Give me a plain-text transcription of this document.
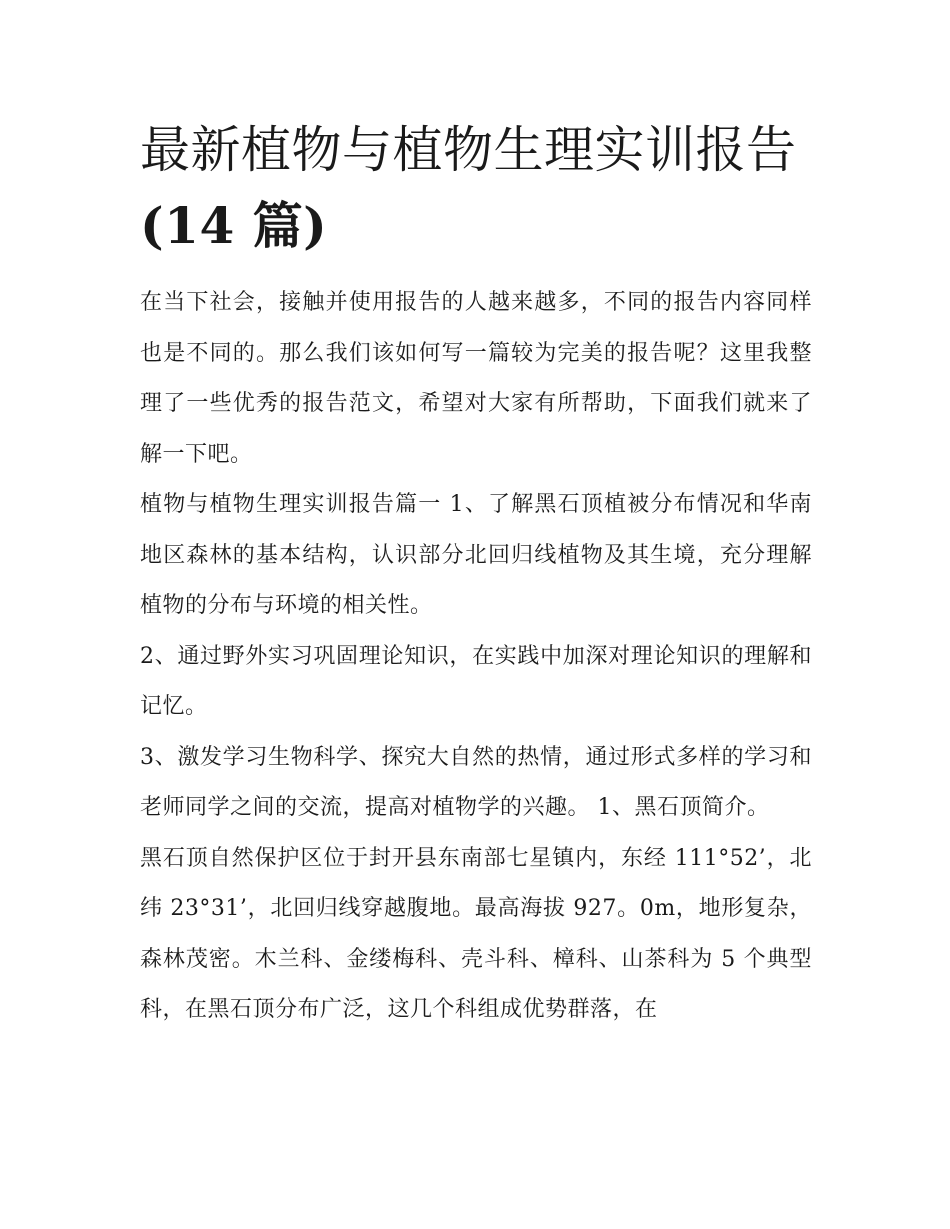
最新植物与植物生理实训报告
(14 篇)

在当下社会，接触并使用报告的人越来越多，不同的报告内容同样也是不同的。那么我们该如何写一篇较为完美的报告呢？这里我整理了一些优秀的报告范文，希望对大家有所帮助，下面我们就来了解一下吧。

植物与植物生理实训报告篇一 1、了解黑石顶植被分布情况和华南地区森林的基本结构，认识部分北回归线植物及其生境，充分理解植物的分布与环境的相关性。

2、通过野外实习巩固理论知识，在实践中加深对理论知识的理解和记忆。

3、激发学习生物科学、探究大自然的热情，通过形式多样的学习和老师同学之间的交流，提高对植物学的兴趣。 1、黑石顶简介。

黑石顶自然保护区位于封开县东南部七星镇内，东经 111°52’，北纬 23°31’，北回归线穿越腹地。最高海拔 927。0m，地形复杂，森林茂密。木兰科、金缕梅科、壳斗科、樟科、山茶科为 5 个典型科，在黑石顶分布广泛，这几个科组成优势群落，在
